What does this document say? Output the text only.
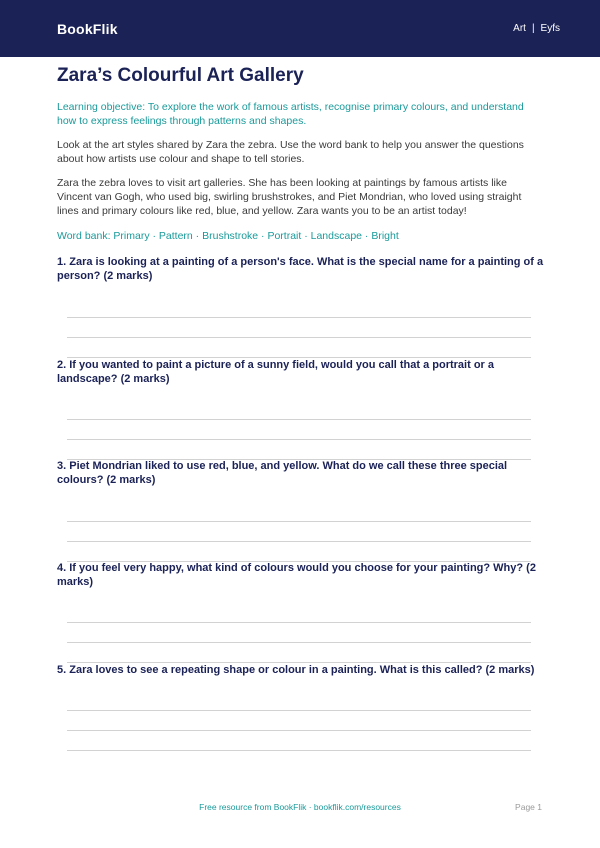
BookFlik	Art | Eyfs
Zara’s Colourful Art Gallery

Learning objective: To explore the work of famous artists, recognise primary colours, and understand how to express feelings through patterns and shapes.

Look at the art styles shared by Zara the zebra. Use the word bank to help you answer the questions about how artists use colour and shape to tell stories.

Zara the zebra loves to visit art galleries. She has been looking at paintings by famous artists like Vincent van Gogh, who used big, swirling brushstrokes, and Piet Mondrian, who loved using straight lines and primary colours like red, blue, and yellow. Zara wants you to be an artist today!

Word bank: Primary · Pattern · Brushstroke · Portrait · Landscape · Bright

1. Zara is looking at a painting of a person's face. What is the special name for a painting of a person? (2 marks)

2. If you wanted to paint a picture of a sunny field, would you call that a portrait or a landscape? (2 marks)

3. Piet Mondrian liked to use red, blue, and yellow. What do we call these three special colours? (2 marks)

4. If you feel very happy, what kind of colours would you choose for your painting? Why? (2 marks)

5. Zara loves to see a repeating shape or colour in a painting. What is this called? (2 marks)

Free resource from BookFlik · bookflik.com/resources	Page 1
